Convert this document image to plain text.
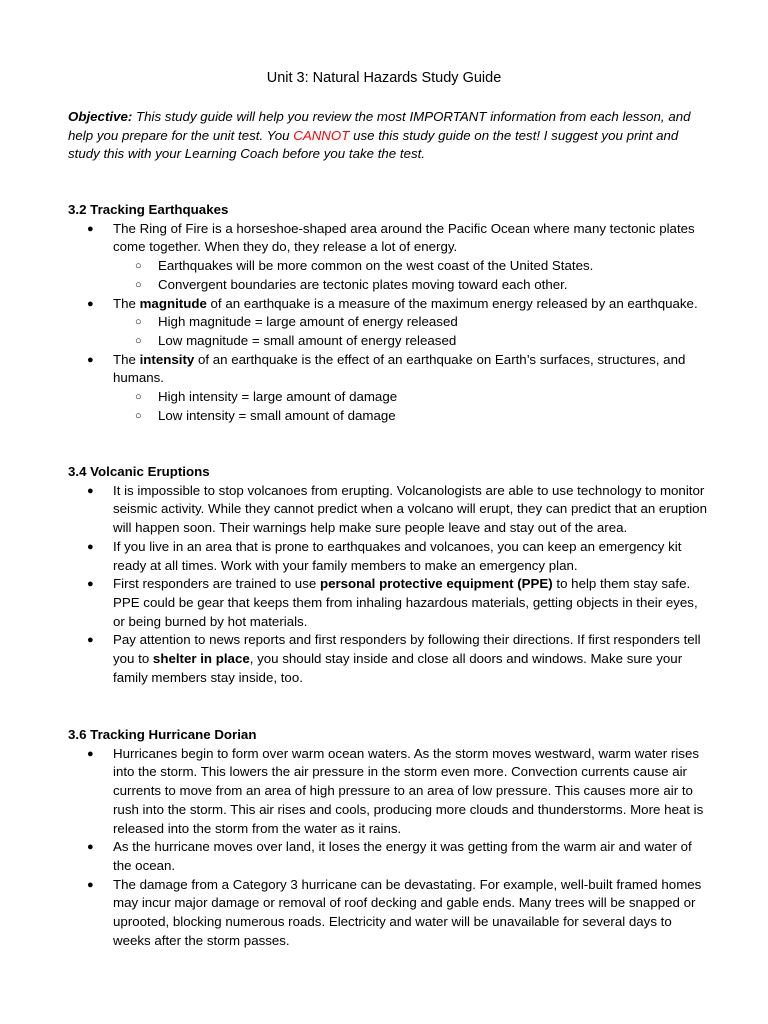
Unit 3: Natural Hazards Study Guide
Objective: This study guide will help you review the most IMPORTANT information from each lesson, and help you prepare for the unit test. You CANNOT use this study guide on the test! I suggest you print and study this with your Learning Coach before you take the test.
3.2 Tracking Earthquakes
● The Ring of Fire is a horseshoe-shaped area around the Pacific Ocean where many tectonic plates come together. When they do, they release a lot of energy.
○ Earthquakes will be more common on the west coast of the United States.
○ Convergent boundaries are tectonic plates moving toward each other.
● The magnitude of an earthquake is a measure of the maximum energy released by an earthquake.
○ High magnitude = large amount of energy released
○ Low magnitude = small amount of energy released
● The intensity of an earthquake is the effect of an earthquake on Earth’s surfaces, structures, and humans.
○ High intensity = large amount of damage
○ Low intensity = small amount of damage
3.4 Volcanic Eruptions
● It is impossible to stop volcanoes from erupting. Volcanologists are able to use technology to monitor seismic activity. While they cannot predict when a volcano will erupt, they can predict that an eruption will happen soon. Their warnings help make sure people leave and stay out of the area.
● If you live in an area that is prone to earthquakes and volcanoes, you can keep an emergency kit ready at all times. Work with your family members to make an emergency plan.
● First responders are trained to use personal protective equipment (PPE) to help them stay safe. PPE could be gear that keeps them from inhaling hazardous materials, getting objects in their eyes, or being burned by hot materials.
● Pay attention to news reports and first responders by following their directions. If first responders tell you to shelter in place, you should stay inside and close all doors and windows. Make sure your family members stay inside, too.
3.6 Tracking Hurricane Dorian
● Hurricanes begin to form over warm ocean waters. As the storm moves westward, warm water rises into the storm. This lowers the air pressure in the storm even more. Convection currents cause air currents to move from an area of high pressure to an area of low pressure. This causes more air to rush into the storm. This air rises and cools, producing more clouds and thunderstorms. More heat is released into the storm from the water as it rains.
● As the hurricane moves over land, it loses the energy it was getting from the warm air and water of the ocean.
● The damage from a Category 3 hurricane can be devastating. For example, well-built framed homes may incur major damage or removal of roof decking and gable ends. Many trees will be snapped or uprooted, blocking numerous roads. Electricity and water will be unavailable for several days to weeks after the storm passes.
